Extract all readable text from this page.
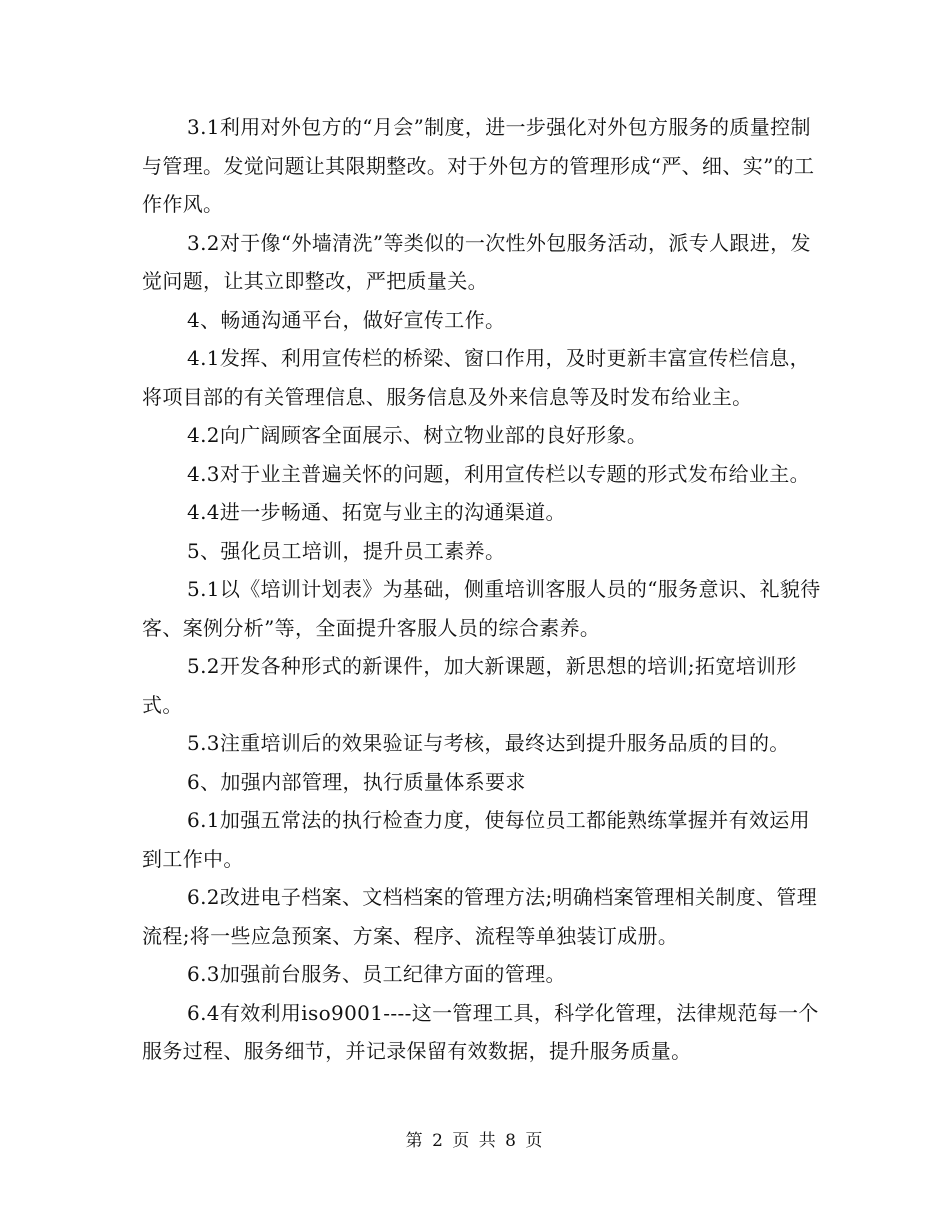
3.1利用对外包方的“月会”制度，进一步强化对外包方服务的质量控制与管理。发觉问题让其限期整改。对于外包方的管理形成“严、细、实”的工作作风。

3.2对于像“外墙清洗”等类似的一次性外包服务活动，派专人跟进，发觉问题，让其立即整改，严把质量关。

4、畅通沟通平台，做好宣传工作。

4.1发挥、利用宣传栏的桥梁、窗口作用，及时更新丰富宣传栏信息，将项目部的有关管理信息、服务信息及外来信息等及时发布给业主。

4.2向广阔顾客全面展示、树立物业部的良好形象。

4.3对于业主普遍关怀的问题，利用宣传栏以专题的形式发布给业主。

4.4进一步畅通、拓宽与业主的沟通渠道。

5、强化员工培训，提升员工素养。

5.1以《培训计划表》为基础，侧重培训客服人员的“服务意识、礼貌待客、案例分析”等，全面提升客服人员的综合素养。

5.2开发各种形式的新课件，加大新课题，新思想的培训;拓宽培训形式。

5.3注重培训后的效果验证与考核，最终达到提升服务品质的目的。

6、加强内部管理，执行质量体系要求

6.1加强五常法的执行检查力度，使每位员工都能熟练掌握并有效运用到工作中。

6.2改进电子档案、文档档案的管理方法;明确档案管理相关制度、管理流程;将一些应急预案、方案、程序、流程等单独装订成册。

6.3加强前台服务、员工纪律方面的管理。

6.4有效利用iso9001----这一管理工具，科学化管理，法律规范每一个服务过程、服务细节，并记录保留有效数据，提升服务质量。

第 2 页 共 8 页
